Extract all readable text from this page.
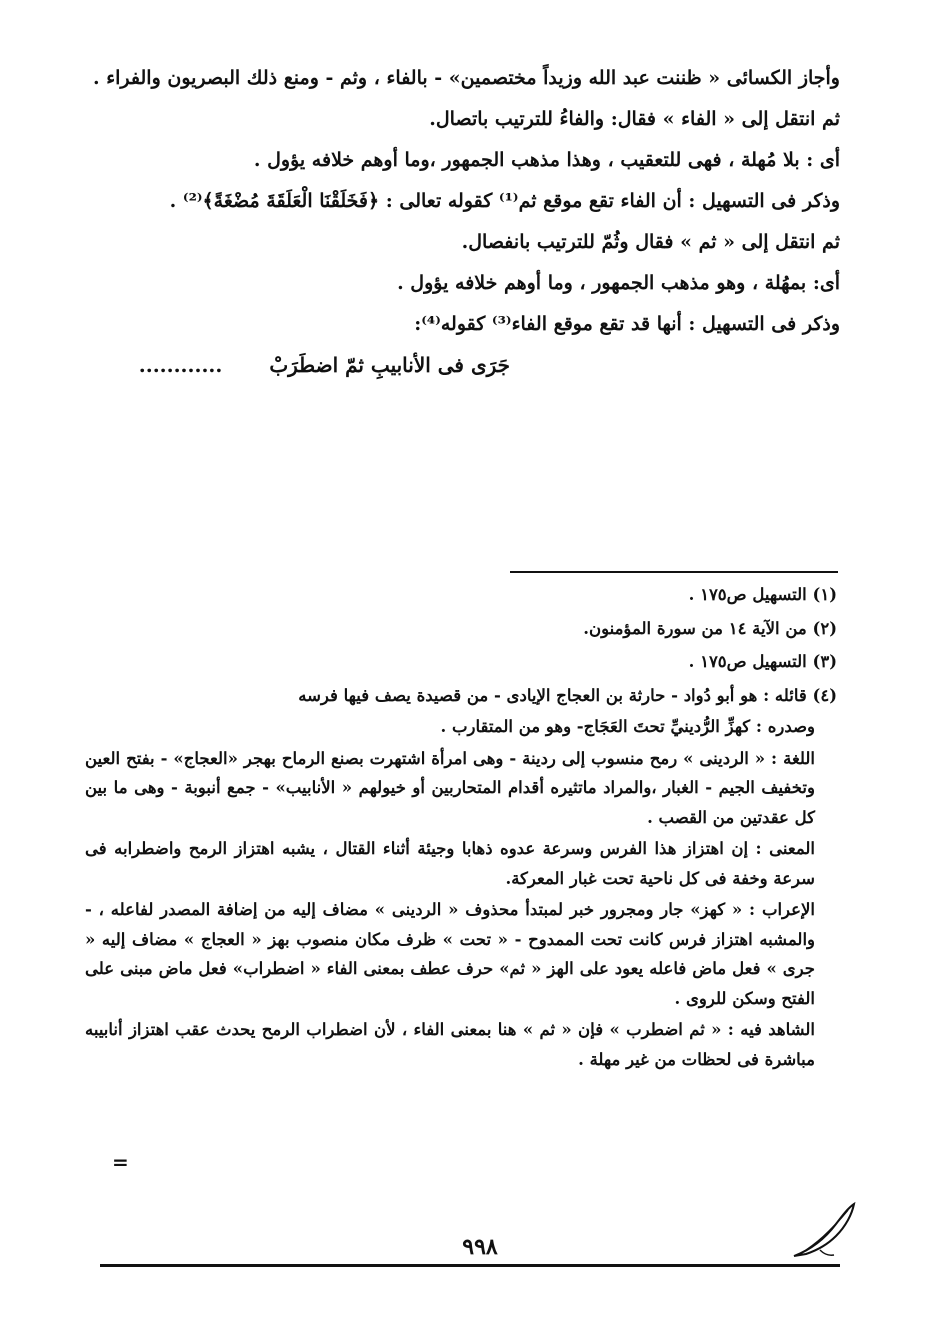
وأجاز الكسائى « ظننت عبد الله وزيداً مختصمين» - بالفاء ، وثم - ومنع ذلك البصريون والفراء .

ثم انتقل إلى « الفاء » فقال: والفاءُ للترتيب باتصال.

أى : بلا مُهلة ، فهى للتعقيب ، وهذا مذهب الجمهور ،وما أوهم خلافه يؤول .

وذكر فى التسهيل : أن الفاء تقع موقع ثم⁽¹⁾ كقوله تعالى : ﴿فَخَلَقْنَا الْعَلَقَةَ مُضْغَةً﴾⁽²⁾ .

ثم انتقل إلى « ثم » فقال وثُمّ للترتيب بانفصال.

أى: بمهُلة ، وهو مذهب الجمهور ، وما أوهم خلافه يؤول .

وذكر فى التسهيل : أنها قد تقع موقع الفاء⁽³⁾ كقوله⁽⁴⁾:

جَرَى فى الأنابيبِ ثمّ اضطَرَبْ ............

(١) التسهيل ص١٧٥ .

(٢) من الآية ١٤ من سورة المؤمنون.

(٣) التسهيل ص١٧٥ .

(٤) قائله : هو أبو دُواد - حارثة بن العجاج الإيادى - من قصيدة يصف فيها فرسه

وصدره : كهزِّ الرُّدينيِّ تحتَ العَجَاج- وهو من المتقارب .

اللغة : « الردينى » رمح منسوب إلى ردينة - وهى امرأة اشتهرت بصنع الرماح بهجر «العجاج» - بفتح العين وتخفيف الجيم - الغبار ،والمراد ماتثيره أقدام المتحاربين أو خيولهم « الأنابيب» - جمع أنبوبة - وهى ما بين كل عقدتين من القصب .

المعنى : إن اهتزاز هذا الفرس وسرعة عدوه ذهابا وجيئة أثناء القتال ، يشبه اهتزاز الرمح واضطرابه فى سرعة وخفة فى كل ناحية تحت غبار المعركة.

الإعراب : « كهز» جار ومجرور خبر لمبتدأ محذوف « الردينى » مضاف إليه من إضافة المصدر لفاعله ، - والمشبه اهتزاز فرس كانت تحت الممدوح - « تحت » ظرف مكان منصوب بهز « العجاج » مضاف إليه « جرى » فعل ماض فاعله يعود على الهز « ثم» حرف عطف بمعنى الفاء « اضطراب» فعل ماض مبنى على الفتح وسكن للروى .

الشاهد فيه : « ثم اضطرب » فإن « ثم » هنا بمعنى الفاء ، لأن اضطراب الرمح يحدث عقب اهتزاز أنابيبه مباشرة فى لحظات من غير مهلة .

=
٩٩٨
